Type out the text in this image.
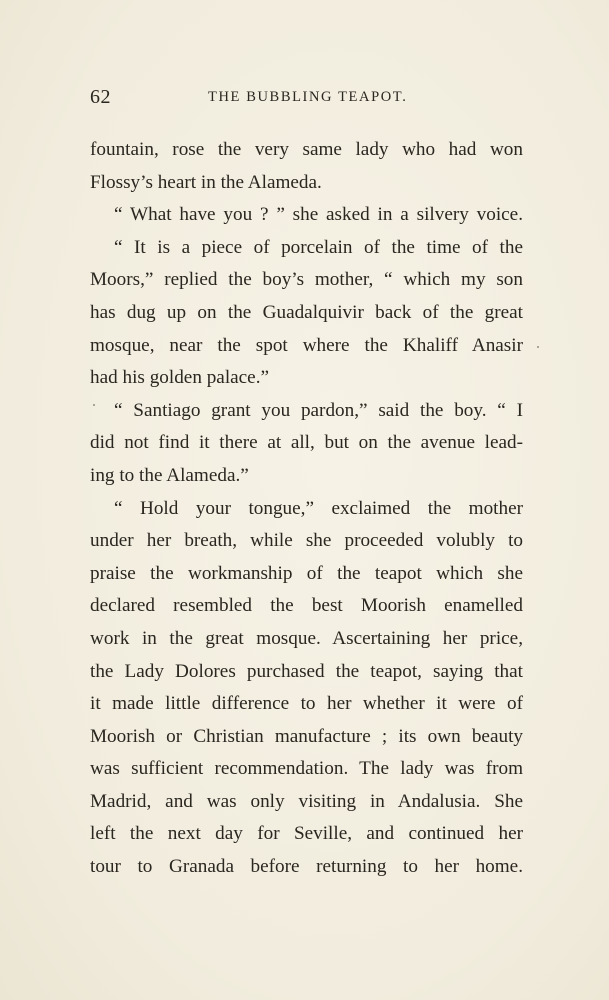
62	THE BUBBLING TEAPOT.
fountain, rose the very same lady who had won
Flossy’s heart in the Alameda.
“ What have you ? ” she asked in a silvery voice.
“ It is a piece of porcelain of the time of the
Moors,” replied the boy’s mother, “ which my son
has dug up on the Guadalquivir back of the great
mosque, near the spot where the Khaliff Anasir
had his golden palace.”
“ Santiago grant you pardon,” said the boy. “ I
did not find it there at all, but on the avenue lead-
ing to the Alameda.”
“ Hold your tongue,” exclaimed the mother
under her breath, while she proceeded volubly to
praise the workmanship of the teapot which she
declared resembled the best Moorish enamelled
work in the great mosque. Ascertaining her price,
the Lady Dolores purchased the teapot, saying that
it made little difference to her whether it were of
Moorish or Christian manufacture ; its own beauty
was sufficient recommendation. The lady was from
Madrid, and was only visiting in Andalusia. She
left the next day for Seville, and continued her
tour to Granada before returning to her home.
